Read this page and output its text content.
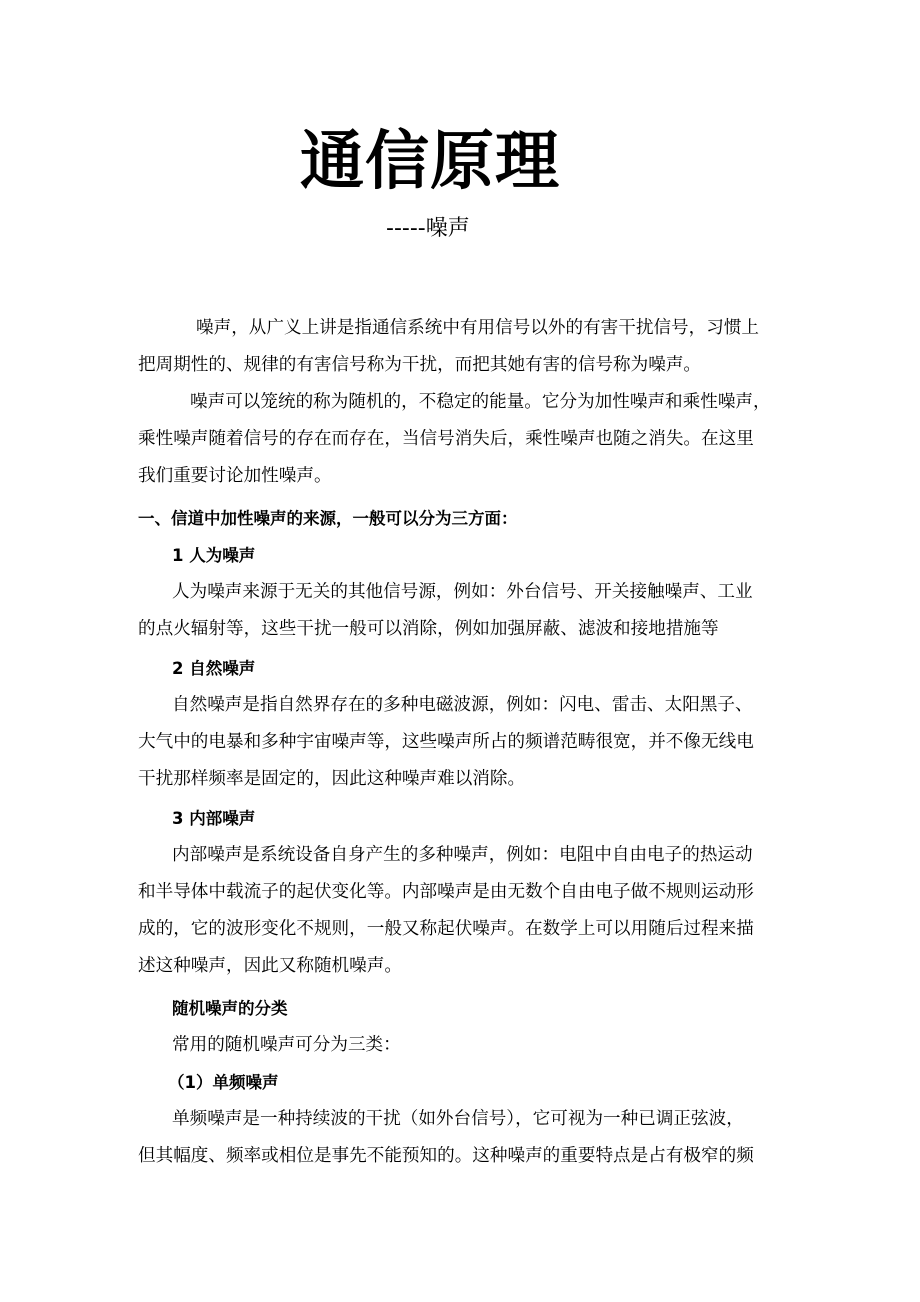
通信原理
-----噪声
噪声，从广义上讲是指通信系统中有用信号以外的有害干扰信号，习惯上
把周期性的、规律的有害信号称为干扰，而把其她有害的信号称为噪声。
噪声可以笼统的称为随机的，不稳定的能量。它分为加性噪声和乘性噪声，
乘性噪声随着信号的存在而存在，当信号消失后，乘性噪声也随之消失。在这里
我们重要讨论加性噪声。
一、信道中加性噪声的来源，一般可以分为三方面：
1 人为噪声
人为噪声来源于无关的其他信号源，例如：外台信号、开关接触噪声、工业
的点火辐射等，这些干扰一般可以消除，例如加强屏蔽、滤波和接地措施等
2 自然噪声
自然噪声是指自然界存在的多种电磁波源，例如：闪电、雷击、太阳黑子、
大气中的电暴和多种宇宙噪声等，这些噪声所占的频谱范畴很宽，并不像无线电
干扰那样频率是固定的，因此这种噪声难以消除。
3 内部噪声
内部噪声是系统设备自身产生的多种噪声，例如：电阻中自由电子的热运动
和半导体中载流子的起伏变化等。内部噪声是由无数个自由电子做不规则运动形
成的，它的波形变化不规则，一般又称起伏噪声。在数学上可以用随后过程来描
述这种噪声，因此又称随机噪声。
随机噪声的分类
常用的随机噪声可分为三类：
（1）单频噪声
单频噪声是一种持续波的干扰（如外台信号），它可视为一种已调正弦波，
但其幅度、频率或相位是事先不能预知的。这种噪声的重要特点是占有极窄的频
